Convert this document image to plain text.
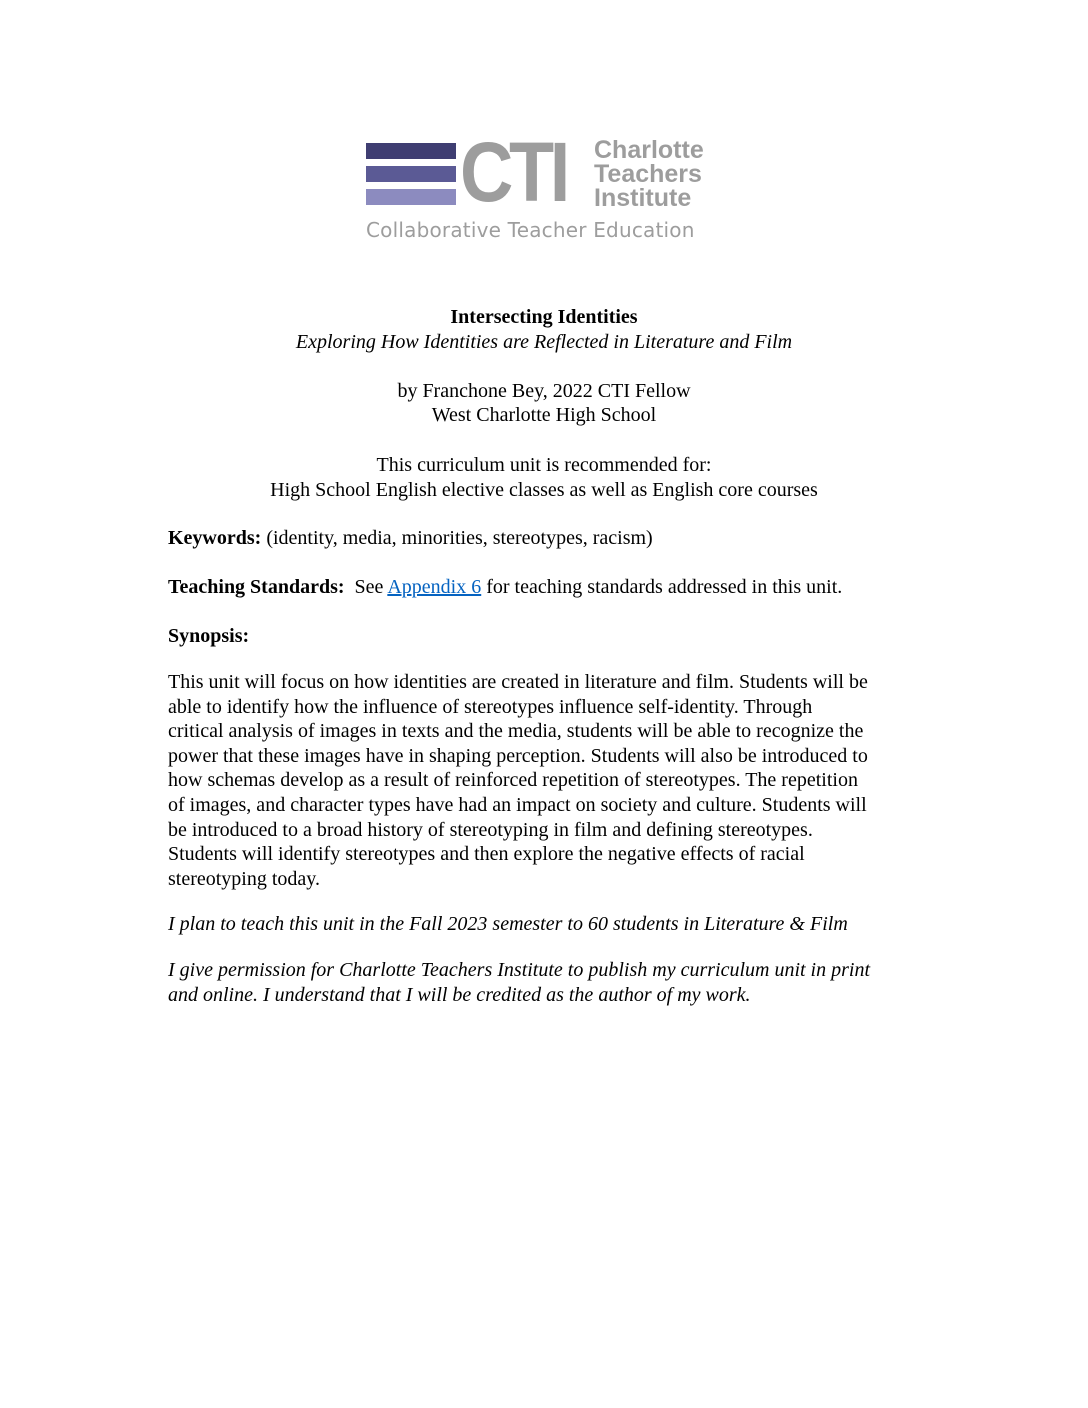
CTI Charlotte
Teachers
Institute
Collaborative Teacher Education
Intersecting Identities
Exploring How Identities are Reflected in Literature and Film
by Franchone Bey, 2022 CTI Fellow
West Charlotte High School
This curriculum unit is recommended for:
High School English elective classes as well as English core courses
Keywords: (identity, media, minorities, stereotypes, racism)
Teaching Standards:  See Appendix 6 for teaching standards addressed in this unit.
Synopsis:
This unit will focus on how identities are created in literature and film. Students will be
able to identify how the influence of stereotypes influence self-identity. Through
critical analysis of images in texts and the media, students will be able to recognize the
power that these images have in shaping perception. Students will also be introduced to
how schemas develop as a result of reinforced repetition of stereotypes. The repetition
of images, and character types have had an impact on society and culture. Students will
be introduced to a broad history of stereotyping in film and defining stereotypes.
Students will identify stereotypes and then explore the negative effects of racial
stereotyping today.
I plan to teach this unit in the Fall 2023 semester to 60 students in Literature & Film
I give permission for Charlotte Teachers Institute to publish my curriculum unit in print
and online. I understand that I will be credited as the author of my work.
